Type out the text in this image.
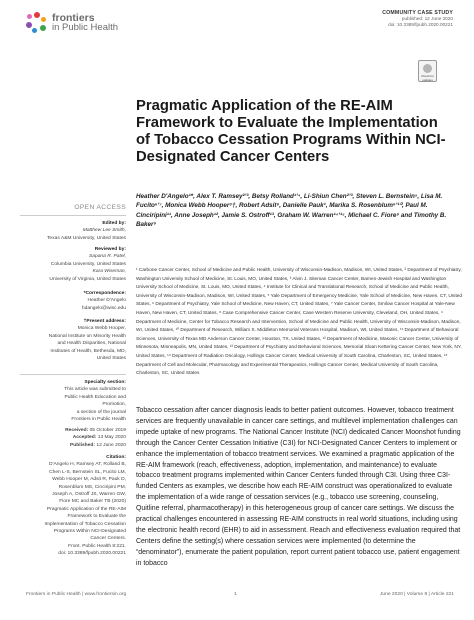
frontiers
in Public Health
COMMUNITY CASE STUDY
published: 12 June 2020
doi: 10.3389/fpubh.2020.00221
Check for updates
Pragmatic Application of the RE-AIM Framework to Evaluate the Implementation of Tobacco Cessation Programs Within NCI-Designated Cancer Centers

Heather D'Angelo¹*, Alex T. Ramsey²ʼ³, Betsy Rolland¹ʼ⁴, Li-Shiun Chen²ʼ³, Steven L. Bernstein⁵, Lisa M. Fucito⁶ʼ⁷, Monica Webb Hooper⁸†, Robert Adsit⁹, Danielle Pauk¹, Marika S. Rosenblum⁹ʼ¹⁰, Paul M. Cinciripini¹¹, Anne Joseph¹², Jamie S. Ostroff¹³, Graham W. Warren¹⁴ʼ¹⁵, Michael C. Fiore⁹ and Timothy B. Baker⁹

¹ Carbone Cancer Center, School of Medicine and Public Health, University of Wisconsin-Madison, Madison, WI, United States, ² Department of Psychiatry, Washington University School of Medicine, St. Louis, MO, United States, ³ Alvin J. Siteman Cancer Center, Barnes-Jewish Hospital and Washington University School of Medicine, St. Louis, MO, United States, ⁴ Institute for Clinical and Translational Research, School of Medicine and Public Health, University of Wisconsin-Madison, Madison, WI, United States, ⁵ Yale Department of Emergency Medicine, Yale School of Medicine, New Haven, CT, United States, ⁶ Department of Psychiatry, Yale School of Medicine, New Haven, CT, United States, ⁷ Yale Cancer Center, Smilow Cancer Hospital at Yale-New Haven, New Haven, CT, United States, ⁸ Case Comprehensive Cancer Center, Case Western Reserve University, Cleveland, OH, United States, ⁹ Department of Medicine, Center for Tobacco Research and Intervention, School of Medicine and Public Health, University of Wisconsin-Madison, Madison, WI, United States, ¹⁰ Department of Research, William S. Middleton Memorial Veterans Hospital, Madison, WI, United States, ¹¹ Department of Behavioral Sciences, University of Texas MD Anderson Cancer Center, Houston, TX, United States, ¹² Department of Medicine, Masonic Cancer Center, University of Minnesota, Minneapolis, MN, United States, ¹³ Department of Psychiatry and Behavioral Sciences, Memorial Sloan Kettering Cancer Center, New York, NY, United States, ¹⁴ Department of Radiation Oncology, Hollings Cancer Center, Medical University of South Carolina, Charleston, SC, United States, ¹⁵ Department of Cell and Molecular, Pharmacology and Experimental Therapeutics, Hollings Cancer Center, Medical University of South Carolina, Charleston, SC, United States

Tobacco cessation after cancer diagnosis leads to better patient outcomes. However, tobacco treatment services are frequently unavailable in cancer care settings, and multilevel implementation challenges can impede uptake of new programs. The National Cancer Institute (NCI) dedicated Cancer Moonshot funding through the Cancer Center Cessation Initiative (C3I) for NCI-Designated Cancer Centers to implement or enhance the implementation of tobacco treatment services. We examined a pragmatic application of the RE-AIM framework (reach, effectiveness, adoption, implementation, and maintenance) to evaluate tobacco treatment programs implemented within Cancer Centers funded through C3I. Using three C3I-funded Centers as examples, we describe how each RE-AIM construct was operationalized to evaluate the implementation of a wide range of cessation services (e.g., tobacco use screening, counseling, Quitline referral, pharmacotherapy) in this heterogeneous group of cancer care settings. We discuss the practical challenges encountered in assessing RE-AIM constructs in real world situations, including using the electronic health record (EHR) to aid in assessment. Reach and effectiveness evaluation required that Centers define the setting(s) where cessation services were implemented (to determine the “denominator”), enumerate the patient population, report current patient tobacco use, patient engagement in tobacco

OPEN ACCESS
Edited by:
Matthew Lee Smith,
Texas A&M University, United States
Reviewed by:
Sapana R. Patel,
Columbia University, United States
Kara Wiseman,
University of Virginia, United States
*Correspondence:
Heather D'Angelo
hdangelo@wisc.edu
†Present address:
Monica Webb Hooper,
National Institute on Minority Health
and Health Disparities, National
Institutes of Health, Bethesda, MD,
United States
Specialty section:
This article was submitted to
Public Health Education and
Promotion,
a section of the journal
Frontiers in Public Health
Received: 05 October 2019
Accepted: 13 May 2020
Published: 12 June 2020
Citation:
D'Angelo H, Ramsey AT, Rolland B,
Chen L-S, Bernstein SL, Fucito LM,
Webb Hooper M, Adsit R, Pauk D,
Rosenblum MS, Cinciripini PM,
Joseph A, Ostroff JS, Warren GW,
Fiore MC and Baker TB (2020)
Pragmatic Application of the RE-AIM
Framework to Evaluate the
Implementation of Tobacco Cessation
Programs Within NCI-Designated
Cancer Centers.
Front. Public Health 8:221.
doi: 10.3389/fpubh.2020.00221
Frontiers in Public Health | www.frontiersin.org	1	June 2020 | Volume 8 | Article 221
